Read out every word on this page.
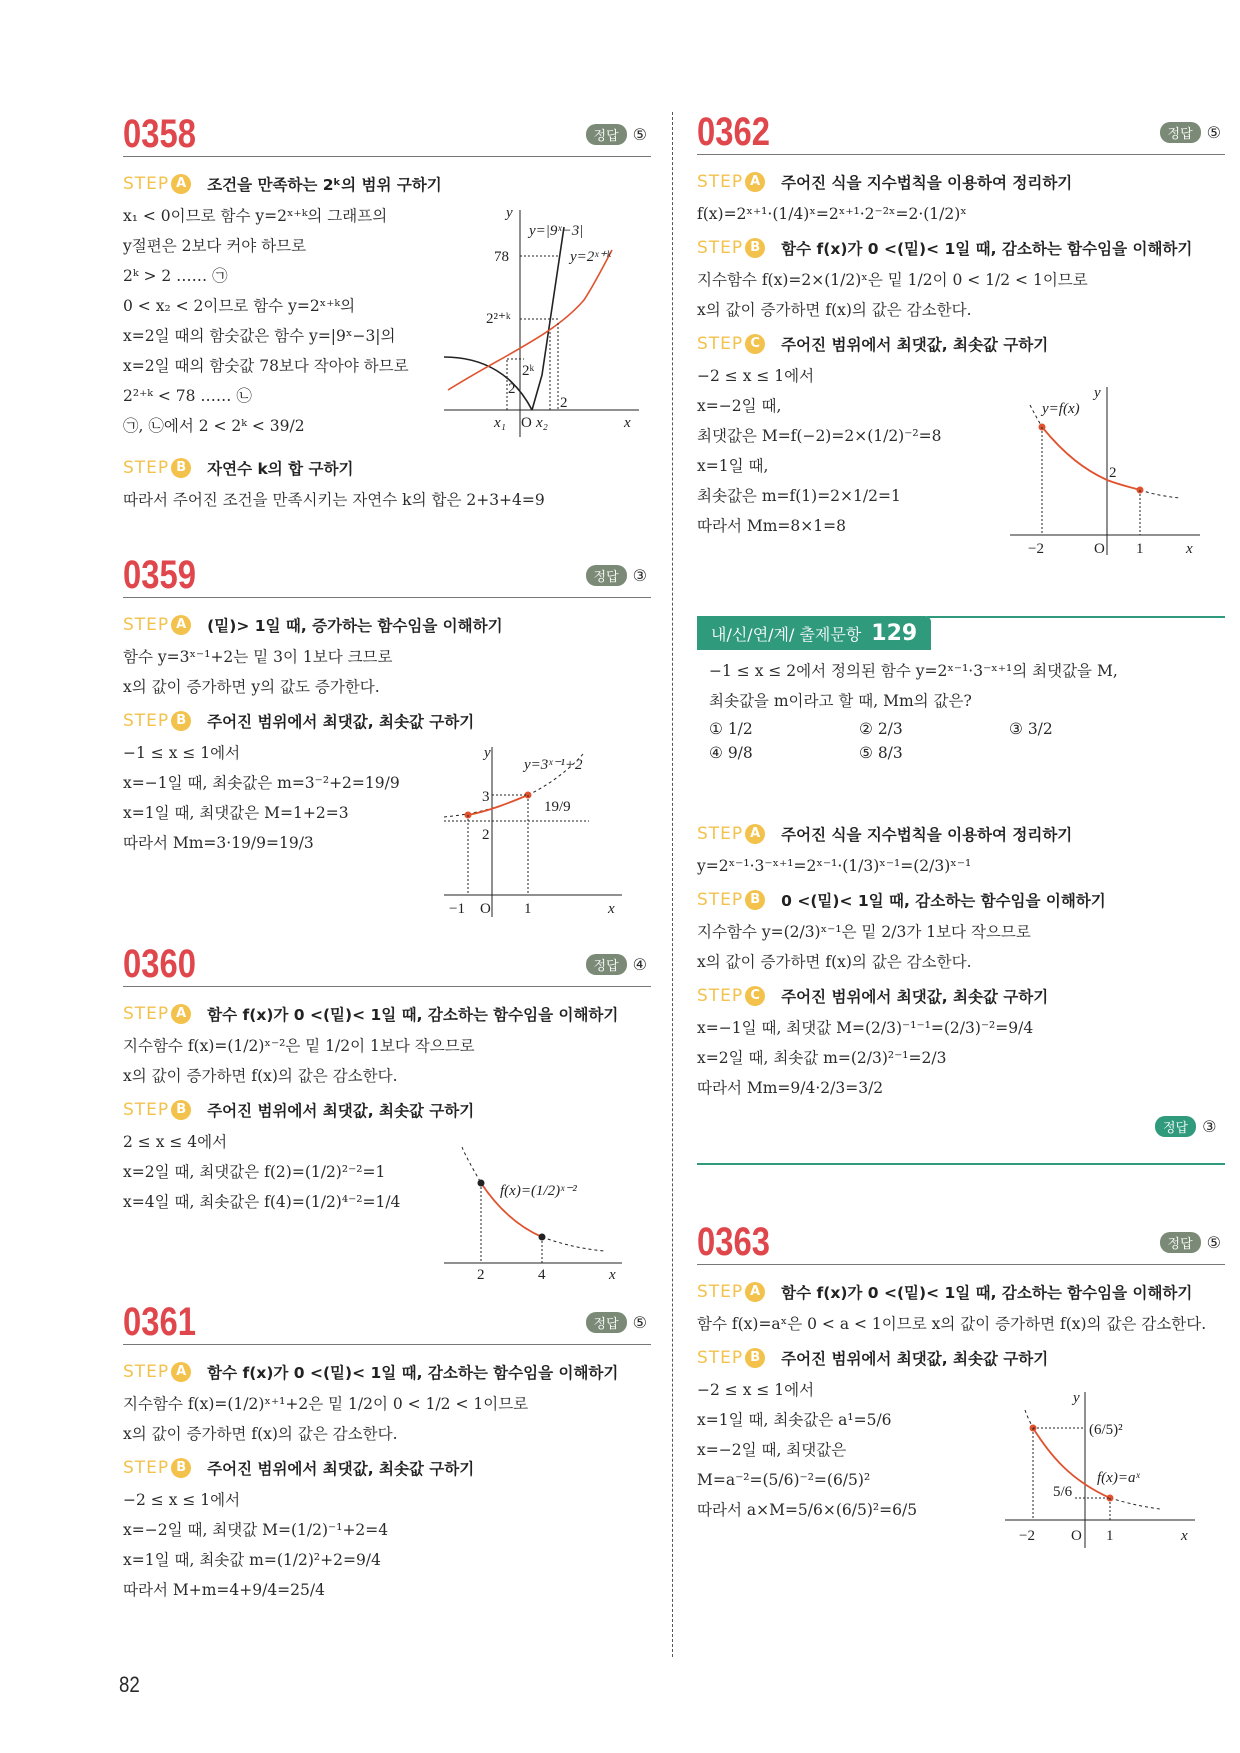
0358	정답 ⑤
STEP A	조건을 만족하는 2ᵏ의 범위 구하기
x₁ < 0이므로 함수 y=2ˣ⁺ᵏ의 그래프의
y절편은 2보다 커야 하므로
2ᵏ > 2 …… ㉠
0 < x₂ < 2이므로 함수 y=2ˣ⁺ᵏ의
x=2일 때의 함숫값은 함수 y=|9ˣ−3|의
x=2일 때의 함숫값 78보다 작아야 하므로
2²⁺ᵏ < 78 …… ㉡
㉠, ㉡에서 2 < 2ᵏ < 39/2
STEP B	자연수 k의 합 구하기
따라서 주어진 조건을 만족시키는 자연수 k의 합은 2+3+4=9
y
x
O
x₁ x₂
y=|9ˣ−3|
y=2ˣ⁺ᵏ
78
2²⁺ᵏ
2ᵏ
2
2
0359	정답 ③
STEP A	(밑)> 1일 때, 증가하는 함수임을 이해하기
함수 y=3ˣ⁻¹+2는 밑 3이 1보다 크므로
x의 값이 증가하면 y의 값도 증가한다.
STEP B	주어진 범위에서 최댓값, 최솟값 구하기
−1 ≤ x ≤ 1에서
x=−1일 때, 최솟값은 m=3⁻²+2=19/9
x=1일 때, 최댓값은 M=1+2=3
따라서 Mm=3·19/9=19/3
y
x
O
−1	1
y=3ˣ⁻¹+2
3
2
19/9
0360	정답 ④
STEP A	함수 f(x)가 0 <(밑)< 1일 때, 감소하는 함수임을 이해하기
지수함수 f(x)=(1/2)ˣ⁻²은 밑 1/2이 1보다 작으므로
x의 값이 증가하면 f(x)의 값은 감소한다.
STEP B	주어진 범위에서 최댓값, 최솟값 구하기
2 ≤ x ≤ 4에서
x=2일 때, 최댓값은 f(2)=(1/2)²⁻²=1
x=4일 때, 최솟값은 f(4)=(1/2)⁴⁻²=1/4
f(x)=(1/2)ˣ⁻²
2	4	x
0361	정답 ⑤
STEP A	함수 f(x)가 0 <(밑)< 1일 때, 감소하는 함수임을 이해하기
지수함수 f(x)=(1/2)ˣ⁺¹+2은 밑 1/2이 0 < 1/2 < 1이므로
x의 값이 증가하면 f(x)의 값은 감소한다.
STEP B	주어진 범위에서 최댓값, 최솟값 구하기
−2 ≤ x ≤ 1에서
x=−2일 때, 최댓값 M=(1/2)⁻¹+2=4
x=1일 때, 최솟값 m=(1/2)²+2=9/4
따라서 M+m=4+9/4=25/4
82
0362	정답 ⑤
STEP A	주어진 식을 지수법칙을 이용하여 정리하기
f(x)=2ˣ⁺¹·(1/4)ˣ=2ˣ⁺¹·2⁻²ˣ=2·(1/2)ˣ
STEP B	함수 f(x)가 0 <(밑)< 1일 때, 감소하는 함수임을 이해하기
지수함수 f(x)=2×(1/2)ˣ은 밑 1/2이 0 < 1/2 < 1이므로
x의 값이 증가하면 f(x)의 값은 감소한다.
STEP C	주어진 범위에서 최댓값, 최솟값 구하기
−2 ≤ x ≤ 1에서
x=−2일 때,
최댓값은 M=f(−2)=2×(1/2)⁻²=8
x=1일 때,
최솟값은 m=f(1)=2×1/2=1
따라서 Mm=8×1=8
y
y=f(x)
2
−2	O 1	x
내/신/연/계/ 출제문항 129
−1 ≤ x ≤ 2에서 정의된 함수 y=2ˣ⁻¹·3⁻ˣ⁺¹의 최댓값을 M,
최솟값을 m이라고 할 때, Mm의 값은?
① 1/2	② 2/3	③ 3/2
④ 9/8	⑤ 8/3
STEP A	주어진 식을 지수법칙을 이용하여 정리하기
y=2ˣ⁻¹·3⁻ˣ⁺¹=2ˣ⁻¹·(1/3)ˣ⁻¹=(2/3)ˣ⁻¹
STEP B	0 <(밑)< 1일 때, 감소하는 함수임을 이해하기
지수함수 y=(2/3)ˣ⁻¹은 밑 2/3가 1보다 작으므로
x의 값이 증가하면 f(x)의 값은 감소한다.
STEP C	주어진 범위에서 최댓값, 최솟값 구하기
x=−1일 때, 최댓값 M=(2/3)⁻¹⁻¹=(2/3)⁻²=9/4
x=2일 때, 최솟값 m=(2/3)²⁻¹=2/3
따라서 Mm=9/4·2/3=3/2
정답 ③
0363	정답 ⑤
STEP A	함수 f(x)가 0 <(밑)< 1일 때, 감소하는 함수임을 이해하기
함수 f(x)=aˣ은 0 < a < 1이므로 x의 값이 증가하면 f(x)의 값은 감소한다.
STEP B	주어진 범위에서 최댓값, 최솟값 구하기
−2 ≤ x ≤ 1에서
x=1일 때, 최솟값은 a¹=5/6
x=−2일 때, 최댓값은
M=a⁻²=(5/6)⁻²=(6/5)²
따라서 a×M=5/6×(6/5)²=6/5
y
(6/5)²
f(x)=aˣ
5/6
−2 O 1	x
